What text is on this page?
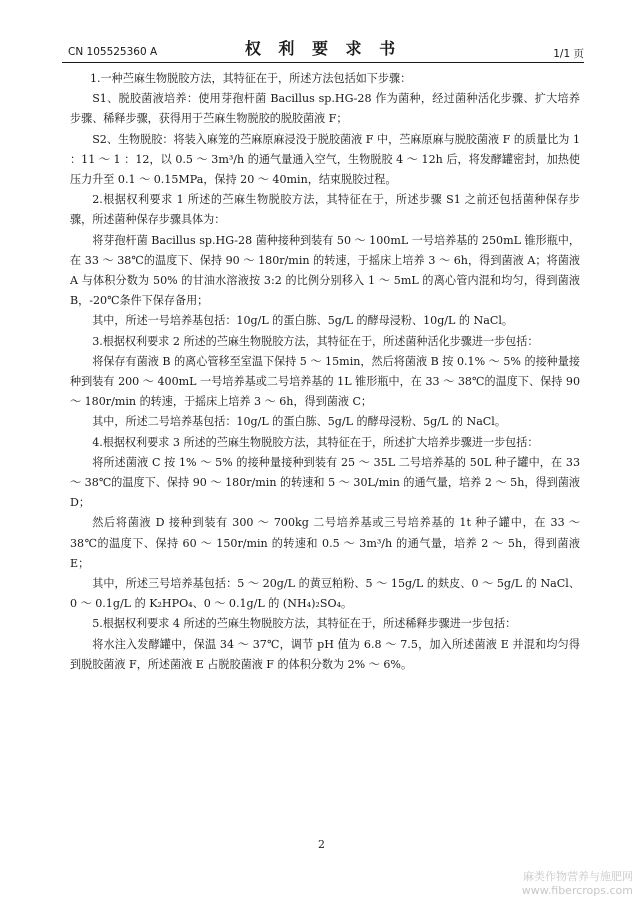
CN 105525360 A	权 利 要 求 书	1/1 页

1.一种苎麻生物脱胶方法，其特征在于，所述方法包括如下步骤：

S1、脱胶菌液培养：使用芽孢杆菌 Bacillus sp.HG-28 作为菌种，经过菌种活化步骤、扩大培养步骤、稀释步骤，获得用于苎麻生物脱胶的脱胶菌液 F；

S2、生物脱胶：将装入麻笼的苎麻原麻浸没于脱胶菌液 F 中，苎麻原麻与脱胶菌液 F 的质量比为 1 ：11 ～ 1 ：12，以 0.5 ～ 3m³/h 的通气量通入空气，生物脱胶 4 ～ 12h 后，将发酵罐密封，加热使压力升至 0.1 ～ 0.15MPa，保持 20 ～ 40min，结束脱胶过程。

2.根据权利要求 1 所述的苎麻生物脱胶方法，其特征在于，所述步骤 S1 之前还包括菌种保存步骤，所述菌种保存步骤具体为：

将芽孢杆菌 Bacillus sp.HG-28 菌种接种到装有 50 ～ 100mL 一号培养基的 250mL 锥形瓶中，在 33 ～ 38℃的温度下、保持 90 ～ 180r/min 的转速，于摇床上培养 3 ～ 6h，得到菌液 A；将菌液 A 与体积分数为 50% 的甘油水溶液按 3:2 的比例分别移入 1 ～ 5mL 的离心管内混和均匀，得到菌液 B，-20℃条件下保存备用；

其中，所述一号培养基包括：10g/L 的蛋白胨、5g/L 的酵母浸粉、10g/L 的 NaCl。

3.根据权利要求 2 所述的苎麻生物脱胶方法，其特征在于，所述菌种活化步骤进一步包括：

将保存有菌液 B 的离心管移至室温下保持 5 ～ 15min，然后将菌液 B 按 0.1% ～ 5% 的接种量接种到装有 200 ～ 400mL 一号培养基或二号培养基的 1L 锥形瓶中，在 33 ～ 38℃的温度下、保持 90 ～ 180r/min 的转速，于摇床上培养 3 ～ 6h，得到菌液 C；

其中，所述二号培养基包括：10g/L 的蛋白胨、5g/L 的酵母浸粉、5g/L 的 NaCl。

4.根据权利要求 3 所述的苎麻生物脱胶方法，其特征在于，所述扩大培养步骤进一步包括：

将所述菌液 C 按 1% ～ 5% 的接种量接种到装有 25 ～ 35L 二号培养基的 50L 种子罐中，在 33 ～ 38℃的温度下、保持 90 ～ 180r/min 的转速和 5 ～ 30L/min 的通气量，培养 2 ～ 5h，得到菌液 D；

然后将菌液 D 接种到装有 300 ～ 700kg 二号培养基或三号培养基的 1t 种子罐中，在 33 ～ 38℃的温度下、保持 60 ～ 150r/min 的转速和 0.5 ～ 3m³/h 的通气量，培养 2 ～ 5h，得到菌液 E；

其中，所述三号培养基包括：5 ～ 20g/L 的黄豆粕粉、5 ～ 15g/L 的麸皮、0 ～ 5g/L 的 NaCl、0 ～ 0.1g/L 的 K₂HPO₄、0 ～ 0.1g/L 的 (NH₄)₂SO₄。

5.根据权利要求 4 所述的苎麻生物脱胶方法，其特征在于，所述稀释步骤进一步包括：

将水注入发酵罐中，保温 34 ～ 37℃，调节 pH 值为 6.8 ～ 7.5，加入所述菌液 E 并混和均匀得到脱胶菌液 F，所述菌液 E 占脱胶菌液 F 的体积分数为 2% ～ 6%。

2
麻类作物营养与施肥网
www.fibercrops.com
